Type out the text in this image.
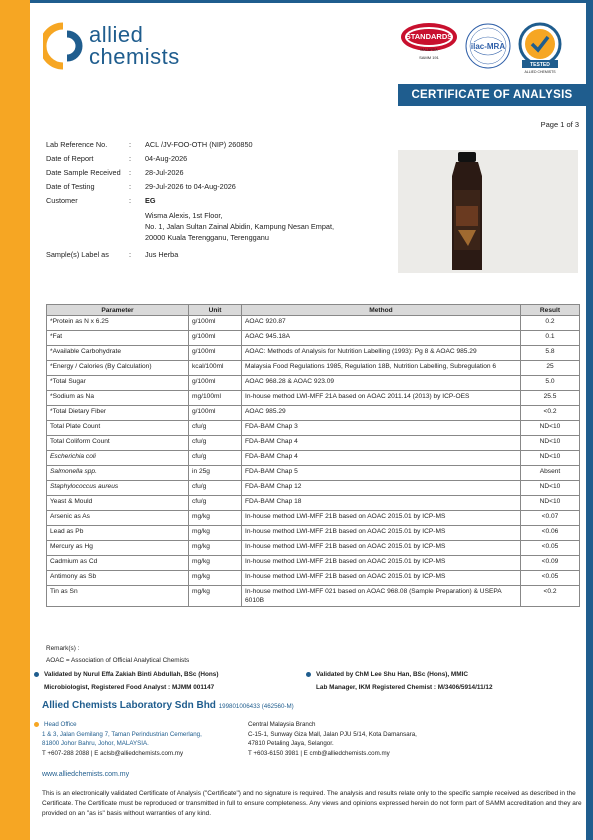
allied
chemists
STANDARDS
MALAYSIA
SAMM 191
ilac-MRA
TESTED
ALLIED CHEMISTS
CERTIFICATE OF ANALYSIS
Page 1 of 3
Lab Reference No.	:	ACL /JV-FOO-OTH (NIP) 260850
Date of Report	:	04-Aug-2026
Date Sample Received	:	28-Jul-2026
Date of Testing	:	29-Jul-2026 to 04-Aug-2026
Customer	:	EG
Wisma Alexis, 1st Floor,
No. 1, Jalan Sultan Zainal Abidin, Kampung Nesan Empat,
20000 Kuala Terengganu, Terengganu
Sample(s) Label as	:	Jus Herba
Parameter	Unit	Method	Result
*Protein as N x 6.25	g/100ml	AOAC 920.87	0.2
*Fat	g/100ml	AOAC 945.18A	0.1
*Available Carbohydrate	g/100ml	AOAC: Methods of Analysis for Nutrition Labelling (1993): Pg 8 & AOAC 985.29	5.8
*Energy / Calories (By Calculation)	kcal/100ml	Malaysia Food Regulations 1985, Regulation 18B, Nutrition Labelling, Subregulation 6	25
*Total Sugar	g/100ml	AOAC 968.28 & AOAC 923.09	5.0
*Sodium as Na	mg/100ml	In-house method LWI-MFF 21A based on AOAC 2011.14 (2013) by ICP-OES	25.5
*Total Dietary Fiber	g/100ml	AOAC 985.29	<0.2
Total Plate Count	cfu/g	FDA-BAM Chap 3	ND<10
Total Coliform Count	cfu/g	FDA-BAM Chap 4	ND<10
Escherichia coli	cfu/g	FDA-BAM Chap 4	ND<10
Salmonella spp.	in 25g	FDA-BAM Chap 5	Absent
Staphylococcus aureus	cfu/g	FDA-BAM Chap 12	ND<10
Yeast & Mould	cfu/g	FDA-BAM Chap 18	ND<10
Arsenic as As	mg/kg	In-house method LWI-MFF 21B based on AOAC 2015.01 by ICP-MS	<0.07
Lead as Pb	mg/kg	In-house method LWI-MFF 21B based on AOAC 2015.01 by ICP-MS	<0.06
Mercury as Hg	mg/kg	In-house method LWI-MFF 21B based on AOAC 2015.01 by ICP-MS	<0.05
Cadmium as Cd	mg/kg	In-house method LWI-MFF 21B based on AOAC 2015.01 by ICP-MS	<0.09
Antimony as Sb	mg/kg	In-house method LWI-MFF 21B based on AOAC 2015.01 by ICP-MS	<0.05
Tin as Sn	mg/kg	In-house method LWI-MFF 021 based on AOAC 968.08 (Sample Preparation) & USEPA 6010B	<0.2
Remark(s) :
AOAC = Association of Official Analytical Chemists
Validated by Nurul Effa Zakiah Binti Abdullah, BSc (Hons)
Microbiologist, Registered Food Analyst : MJMM 001147
Validated by ChM Lee Shu Han, BSc (Hons), MMIC
Lab Manager, IKM Registered Chemist : M/3406/5914/11/12
Allied Chemists Laboratory Sdn Bhd 199801006433 (462560-M)
Head Office
1 & 3, Jalan Gemilang 7, Taman Perindustrian Cemerlang,
81800 Johor Bahru, Johor, MALAYSIA.
T +607-288 2088 | E aclsb@alliedchemists.com.my
Central Malaysia Branch
C-15-1, Sunway Giza Mall, Jalan PJU 5/14, Kota Damansara,
47810 Petaling Jaya, Selangor.
T +603-6150 3981 | E cmb@alliedchemists.com.my
www.alliedchemists.com.my
This is an electronically validated Certificate of Analysis ("Certificate") and no signature is required. The analysis and results relate only to the specific sample received as described in the Certificate. The Certificate must be reproduced or transmitted in full to ensure completeness. Any views and opinions expressed herein do not form part of SAMM accreditation and they are provided on an "as is" basis without warranties of any kind.
